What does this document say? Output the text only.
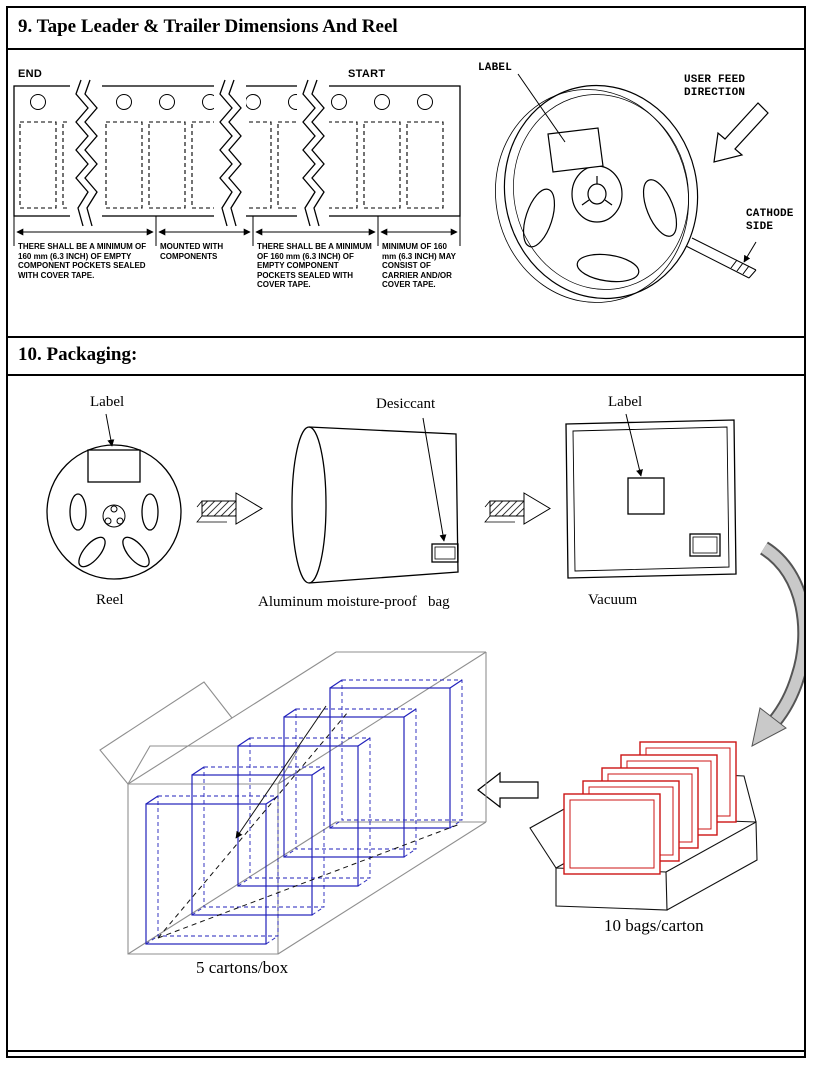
9. Tape Leader & Trailer Dimensions And Reel
END	START
THERE SHALL BE A MINIMUM OF 160 mm (6.3 INCH) OF EMPTY COMPONENT POCKETS SEALED WITH COVER TAPE.
MOUNTED WITH COMPONENTS
THERE SHALL BE A MINIMUM OF 160 mm (6.3 INCH) OF EMPTY COMPONENT POCKETS SEALED WITH COVER TAPE.
MINIMUM OF 160 mm (6.3 INCH) MAY CONSIST OF CARRIER AND/OR COVER TAPE.
LABEL
USER FEED DIRECTION
CATHODE SIDE
10. Packaging:
Label	Desiccant	Label
Reel	Aluminum moisture-proof   bag	Vacuum
10 bags/carton
5 cartons/box
